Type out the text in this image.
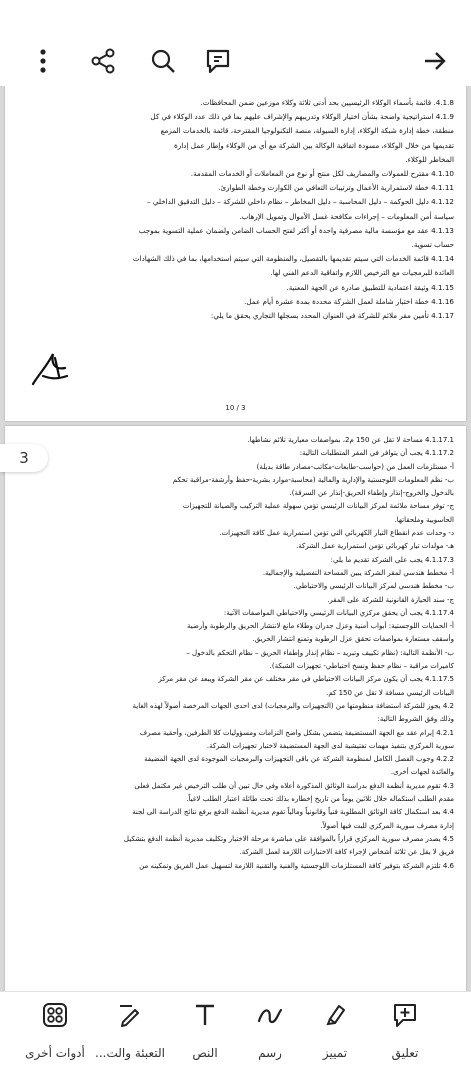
4.1.8. قائمة بأسماء الوكلاء الرئيسيين بحد أدنى ثلاثة وكلاء موزعين ضمن المحافظات.
4.1.9 استراتيجية واضحة بشأن اختيار الوكلاء وتدريبهم والإشراف عليهم بما في ذلك عدد الوكلاء في كل
منطقة، خطة إدارة شبكة الوكلاء، إدارة السيولة، منصة التكنولوجيا المقترحة، قائمة بالخدمات المزمع
تقديمها من خلال الوكلاء، مسودة اتفاقية الوكالة بين الشركة مع أي من الوكلاء وإطار عمل إدارة
المخاطر للوكلاء.
4.1.10 مقترح للعمولات والمصاريف لكل منتج أو نوع من المعاملات أو الخدمات المقدمة.
4.1.11 خطة لاستمرارية الأعمال وترتيبات التعافي من الكوارث وخطة الطوارئ.
4.1.12 دليل الحوكمة – دليل المحاسبة – دليل المخاطر – نظام داخلي للشركة – دليل التدقيق الداخلي –
سياسة أمن المعلومات – إجراءات مكافحة غسل الأموال وتمويل الإرهاب.
4.1.13 عقد مع مؤسسة مالية مصرفية واحدة أو أكثر لفتح الحساب الضامن ولضمان عملية التسوية بموجب
حساب تسوية.
4.1.14 قائمة الخدمات التي سيتم تقديمها بالتفصيل، والمنظومة التي سيتم استخدامها، بما في ذلك الشهادات
العائدة للبرمجيات مع الترخيص اللازم واتفاقية الدعم الفني لها.
4.1.15 وثيقة اعتمادية للتطبيق صادرة عن الجهة المعنية.
4.1.16 خطة اختبار شاملة لعمل الشركة محددة بمدة عشرة أيام عمل.
4.1.17 تأمين مقر ملائم للشركة في العنوان المحدد بسجلها التجاري يحقق ما يلي:
10 / 3
4.1.17.1 مساحة لا تقل عن 150 م2، بمواصفات معيارية تلائم نشاطها.
4.1.17.2 يجب أن يتوافر في المقر المتطلبات التالية:
أ- مستلزمات العمل من (حواسب-طابعات-مكاتب-مصادر طاقة بديلة)
ب- نظم المعلومات اللوجستية والإدارية والمالية (محاسبة-موارد بشرية-حفظ وأرشفة-مراقبة تحكم
بالدخول والخروج-إنذار وإطفاء الحريق-إنذار عن السرقة).
ج- توفر مساحة ملائمة لمركز البيانات الرئيسي تؤمن سهولة عملية التركيب والصيانة للتجهيزات
الحاسوبية وملحقاتها.
د- وحدات عدم انقطاع التيار الكهربائي التي تؤمن استمرارية عمل كافة التجهيزات.
هـ- مولدات تيار كهربائي تؤمن استمرارية عمل الشركة.
4.1.17.3 يجب على الشركة تقديم ما يلي:
أ- مخطط هندسي لمقر الشركة يبين المساحة التفصيلية والإجمالية.
ب- مخطط هندسي لمركز البيانات الرئيسي والاحتياطي.
ج- سند الحيازة القانونية للشركة على المقر.
4.1.17.4 يجب أن يحقق مركزي البيانات الرئيسي والاحتياطي المواصفات الآتية:
أ- الحمايات اللوجستية: أبواب أمنية وعزل جدران وطلاء مانع لانتشار الحريق والرطوبة وأرضية
وأسقف مستعارة بمواصفات تحقق عزل الرطوبة وتمنع انتشار الحريق.
ب- الأنظمة التالية: (نظام تكييف وتبريد – نظام إنذار وإطفاء الحريق – نظام التحكم بالدخول –
كاميرات مراقبة – نظام حفظ ونسخ احتياطي- تجهيزات الشبكة).
4.1.17.5 يجب أن يكون مركز البيانات الاحتياطي في مقر مختلف عن مقر الشركة ويبعد عن مقر مركز
البيانات الرئيسي مسافة لا تقل عن 150 كم.
4.2 يجوز للشركة استضافة منظومتها من (التجهيزات والبرمجيات) لدى احدى الجهات المرخصة أصولاً لهذه الغاية
وذلك وفق الشروط التالية:
4.2.1 إبرام عقد مع الجهة المستضيفة يتضمن بشكل واضح التزامات ومسؤوليات كلا الطرفين، وأحقية مصرف
سورية المركزي بتنفيذ مهمات تفتيشية لدى الجهة المستضيفة لاختبار تجهيزات الشركة.
4.2.2 وجوب الفصل الكامل لمنظومة الشركة عن باقي التجهيزات والبرمجيات الموجودة لدى الجهة المضيفة
والعائدة لجهات أخرى.
4.3 تقوم مديرية أنظمة الدفع بدراسة الوثائق المذكورة أعلاه وفي حال تبين أن طلب الترخيص غير مكتمل فعلى
مقدم الطلب استكماله خلال ثلاثين يوماً من تاريخ إخطاره بذلك تحت طائلة اعتبار الطلب لاغياً.
4.4 بعد استكمال كافة الوثائق المطلوبة فنياً وقانونياً ومالياً تقوم مديرية أنظمة الدفع برفع نتائج الدراسة الى لجنة
إدارة مصرف سورية المركزي للبت فيها أصولاً.
4.5 يصدر مصرف سورية المركزي قراراً بالموافقة على مباشرة مرحلة الاختبار وتكليف مديرية أنظمة الدفع بتشكيل
فريق لا يقل عن ثلاثة أشخاص لإجراء كافة الاختبارات اللازمة لعمل الشركة.
4.6 تلتزم الشركة بتوفير كافة المستلزمات اللوجستية والفنية والتقنية اللازمة لتسهيل عمل الفريق وتمكينه من
3
أدوات أخرى التعبئة والت... النص	رسم	تمييز	تعليق
